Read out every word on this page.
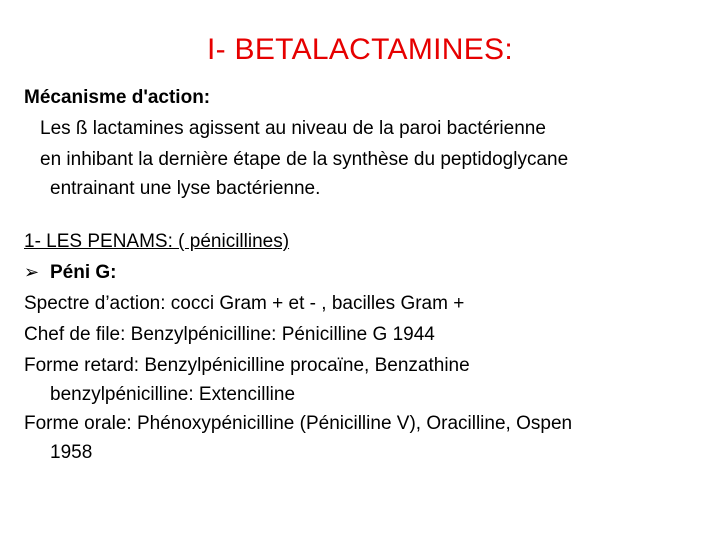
I- BETALACTAMINES:
Mécanisme d'action:
Les ß lactamines agissent au niveau de la paroi bactérienne
en inhibant la dernière étape de la synthèse du peptidoglycane
entrainant une lyse bactérienne.
1- LES PENAMS: ( pénicillines)
➢ Péni G:
Spectre d’action: cocci Gram + et - , bacilles Gram +
Chef de file: Benzylpénicilline: Pénicilline G 1944
Forme retard: Benzylpénicilline procaïne, Benzathine
benzylpénicilline: Extencilline
Forme orale: Phénoxypénicilline (Pénicilline V), Oracilline, Ospen
1958
